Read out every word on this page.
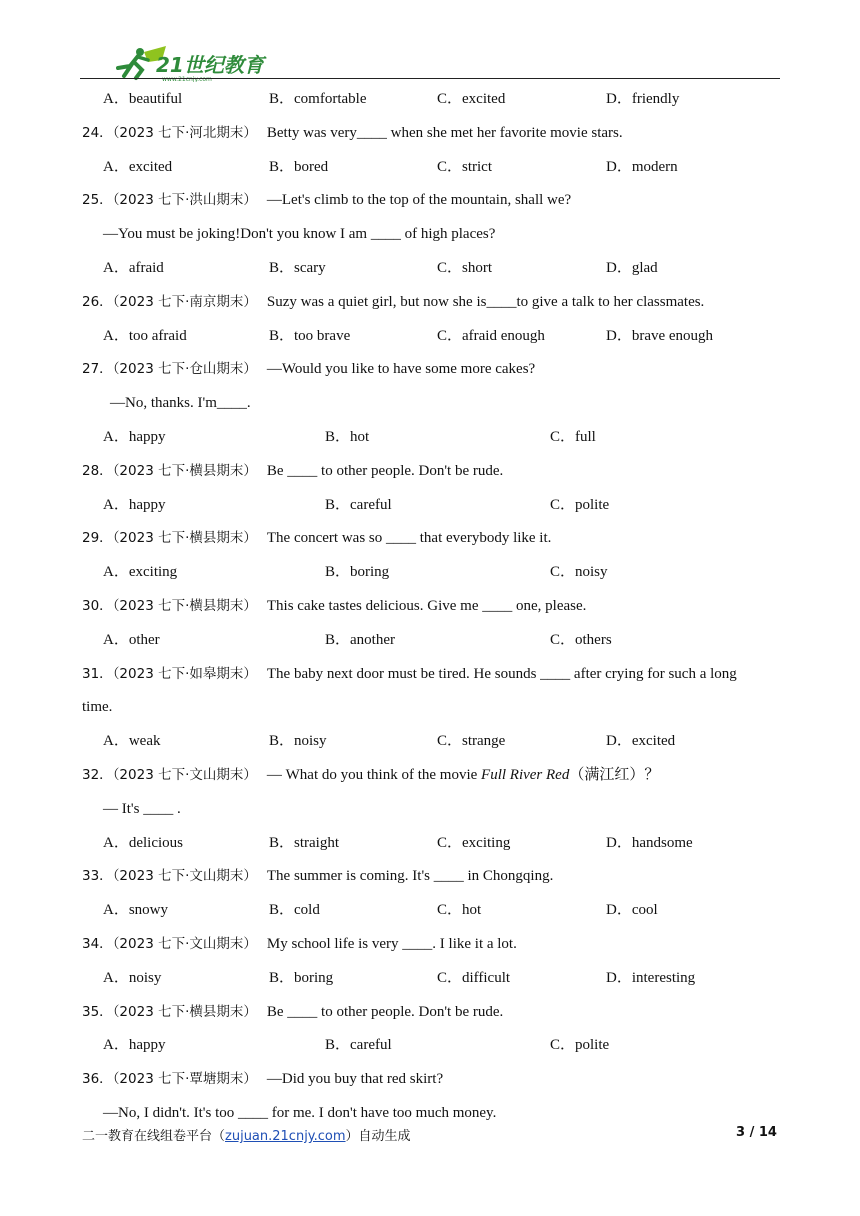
21世纪教育
www.21cnjy.com
A．beautiful	B．comfortable	C．excited	D．friendly
24．（2023 七下·河北期末） Betty was very____ when she met her favorite movie stars.
A．excited	B．bored	C．strict	D．modern
25．（2023 七下·洪山期末） —Let's climb to the top of the mountain, shall we?
—You must be joking!Don't you know I am ____ of high places?
A．afraid	B．scary	C．short	D．glad
26．（2023 七下·南京期末） Suzy was a quiet girl, but now she is____to give a talk to her classmates.
A．too afraid	B．too brave	C．afraid enough	D．brave enough
27．（2023 七下·仓山期末） —Would you like to have some more cakes?
—No, thanks. I'm____.
A．happy	B．hot	C．full
28．（2023 七下·横县期末） Be ____ to other people. Don't be rude.
A．happy	B．careful	C．polite
29．（2023 七下·横县期末） The concert was so ____ that everybody like it.
A．exciting	B．boring	C．noisy
30．（2023 七下·横县期末） This cake tastes delicious. Give me ____ one, please.
A．other	B．another	C．others
31．（2023 七下·如皋期末） The baby next door must be tired. He sounds ____ after crying for such a long
time.
A．weak	B．noisy	C．strange	D．excited
32．（2023 七下·文山期末） — What do you think of the movie Full River Red（满江红）？
— It's ____ .
A．delicious	B．straight	C．exciting	D．handsome
33．（2023 七下·文山期末） The summer is coming. It's ____ in Chongqing.
A．snowy	B．cold	C．hot	D．cool
34．（2023 七下·文山期末） My school life is very ____. I like it a lot.
A．noisy	B．boring	C．difficult	D．interesting
35．（2023 七下·横县期末） Be ____ to other people. Don't be rude.
A．happy	B．careful	C．polite
36．（2023 七下·覃塘期末） —Did you buy that red skirt?
—No, I didn't. It's too ____ for me. I don't have too much money.
二一教育在线组卷平台（zujuan.21cnjy.com）自动生成	3 / 14
